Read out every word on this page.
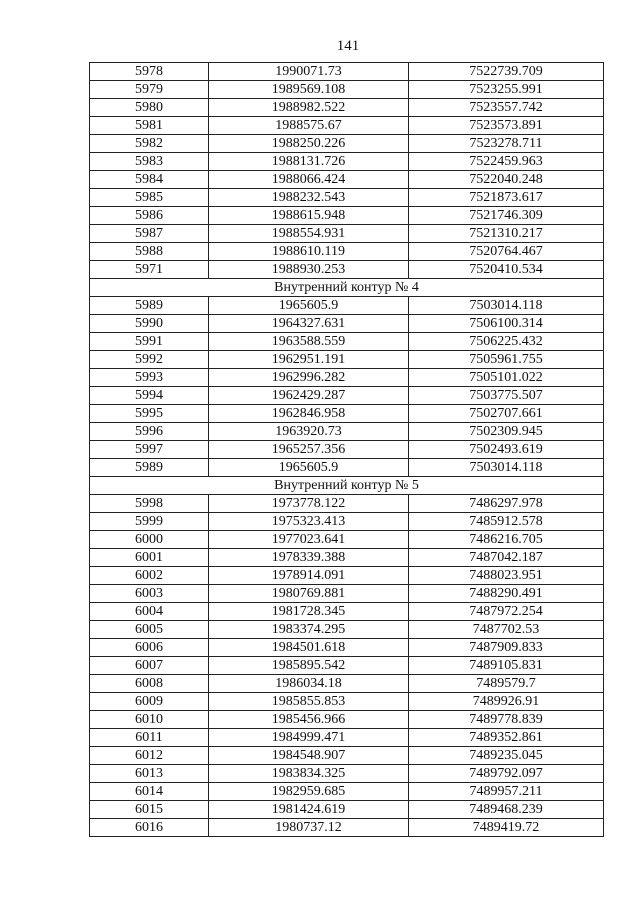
141
5978	1990071.73	7522739.709
5979	1989569.108	7523255.991
5980	1988982.522	7523557.742
5981	1988575.67	7523573.891
5982	1988250.226	7523278.711
5983	1988131.726	7522459.963
5984	1988066.424	7522040.248
5985	1988232.543	7521873.617
5986	1988615.948	7521746.309
5987	1988554.931	7521310.217
5988	1988610.119	7520764.467
5971	1988930.253	7520410.534
Внутренний контур № 4		
5989	1965605.9	7503014.118
5990	1964327.631	7506100.314
5991	1963588.559	7506225.432
5992	1962951.191	7505961.755
5993	1962996.282	7505101.022
5994	1962429.287	7503775.507
5995	1962846.958	7502707.661
5996	1963920.73	7502309.945
5997	1965257.356	7502493.619
5989	1965605.9	7503014.118
Внутренний контур № 5		
5998	1973778.122	7486297.978
5999	1975323.413	7485912.578
6000	1977023.641	7486216.705
6001	1978339.388	7487042.187
6002	1978914.091	7488023.951
6003	1980769.881	7488290.491
6004	1981728.345	7487972.254
6005	1983374.295	7487702.53
6006	1984501.618	7487909.833
6007	1985895.542	7489105.831
6008	1986034.18	7489579.7
6009	1985855.853	7489926.91
6010	1985456.966	7489778.839
6011	1984999.471	7489352.861
6012	1984548.907	7489235.045
6013	1983834.325	7489792.097
6014	1982959.685	7489957.211
6015	1981424.619	7489468.239
6016	1980737.12	7489419.72
